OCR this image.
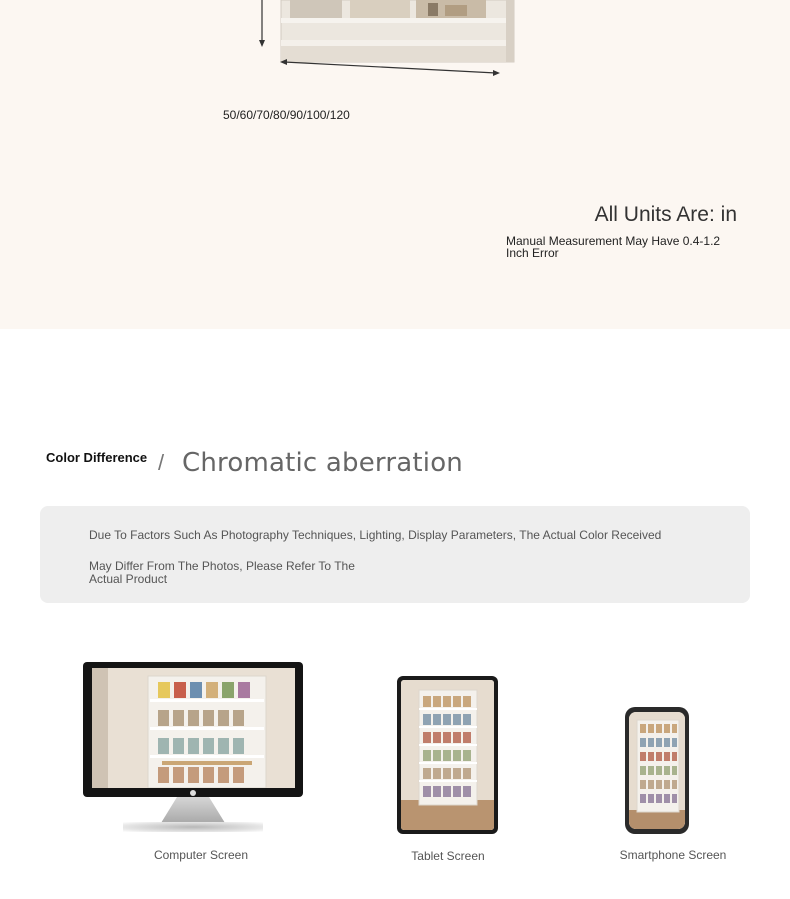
50/60/70/80/90/100/120
All Units Are: in
Manual Measurement May Have 0.4-1.2 Inch Error
Color Difference / Chromatic aberration
Due To Factors Such As Photography Techniques, Lighting, Display Parameters, The Actual Color Received
May Differ From The Photos, Please Refer To The Actual Product
Computer Screen	Tablet Screen	Smartphone Screen
